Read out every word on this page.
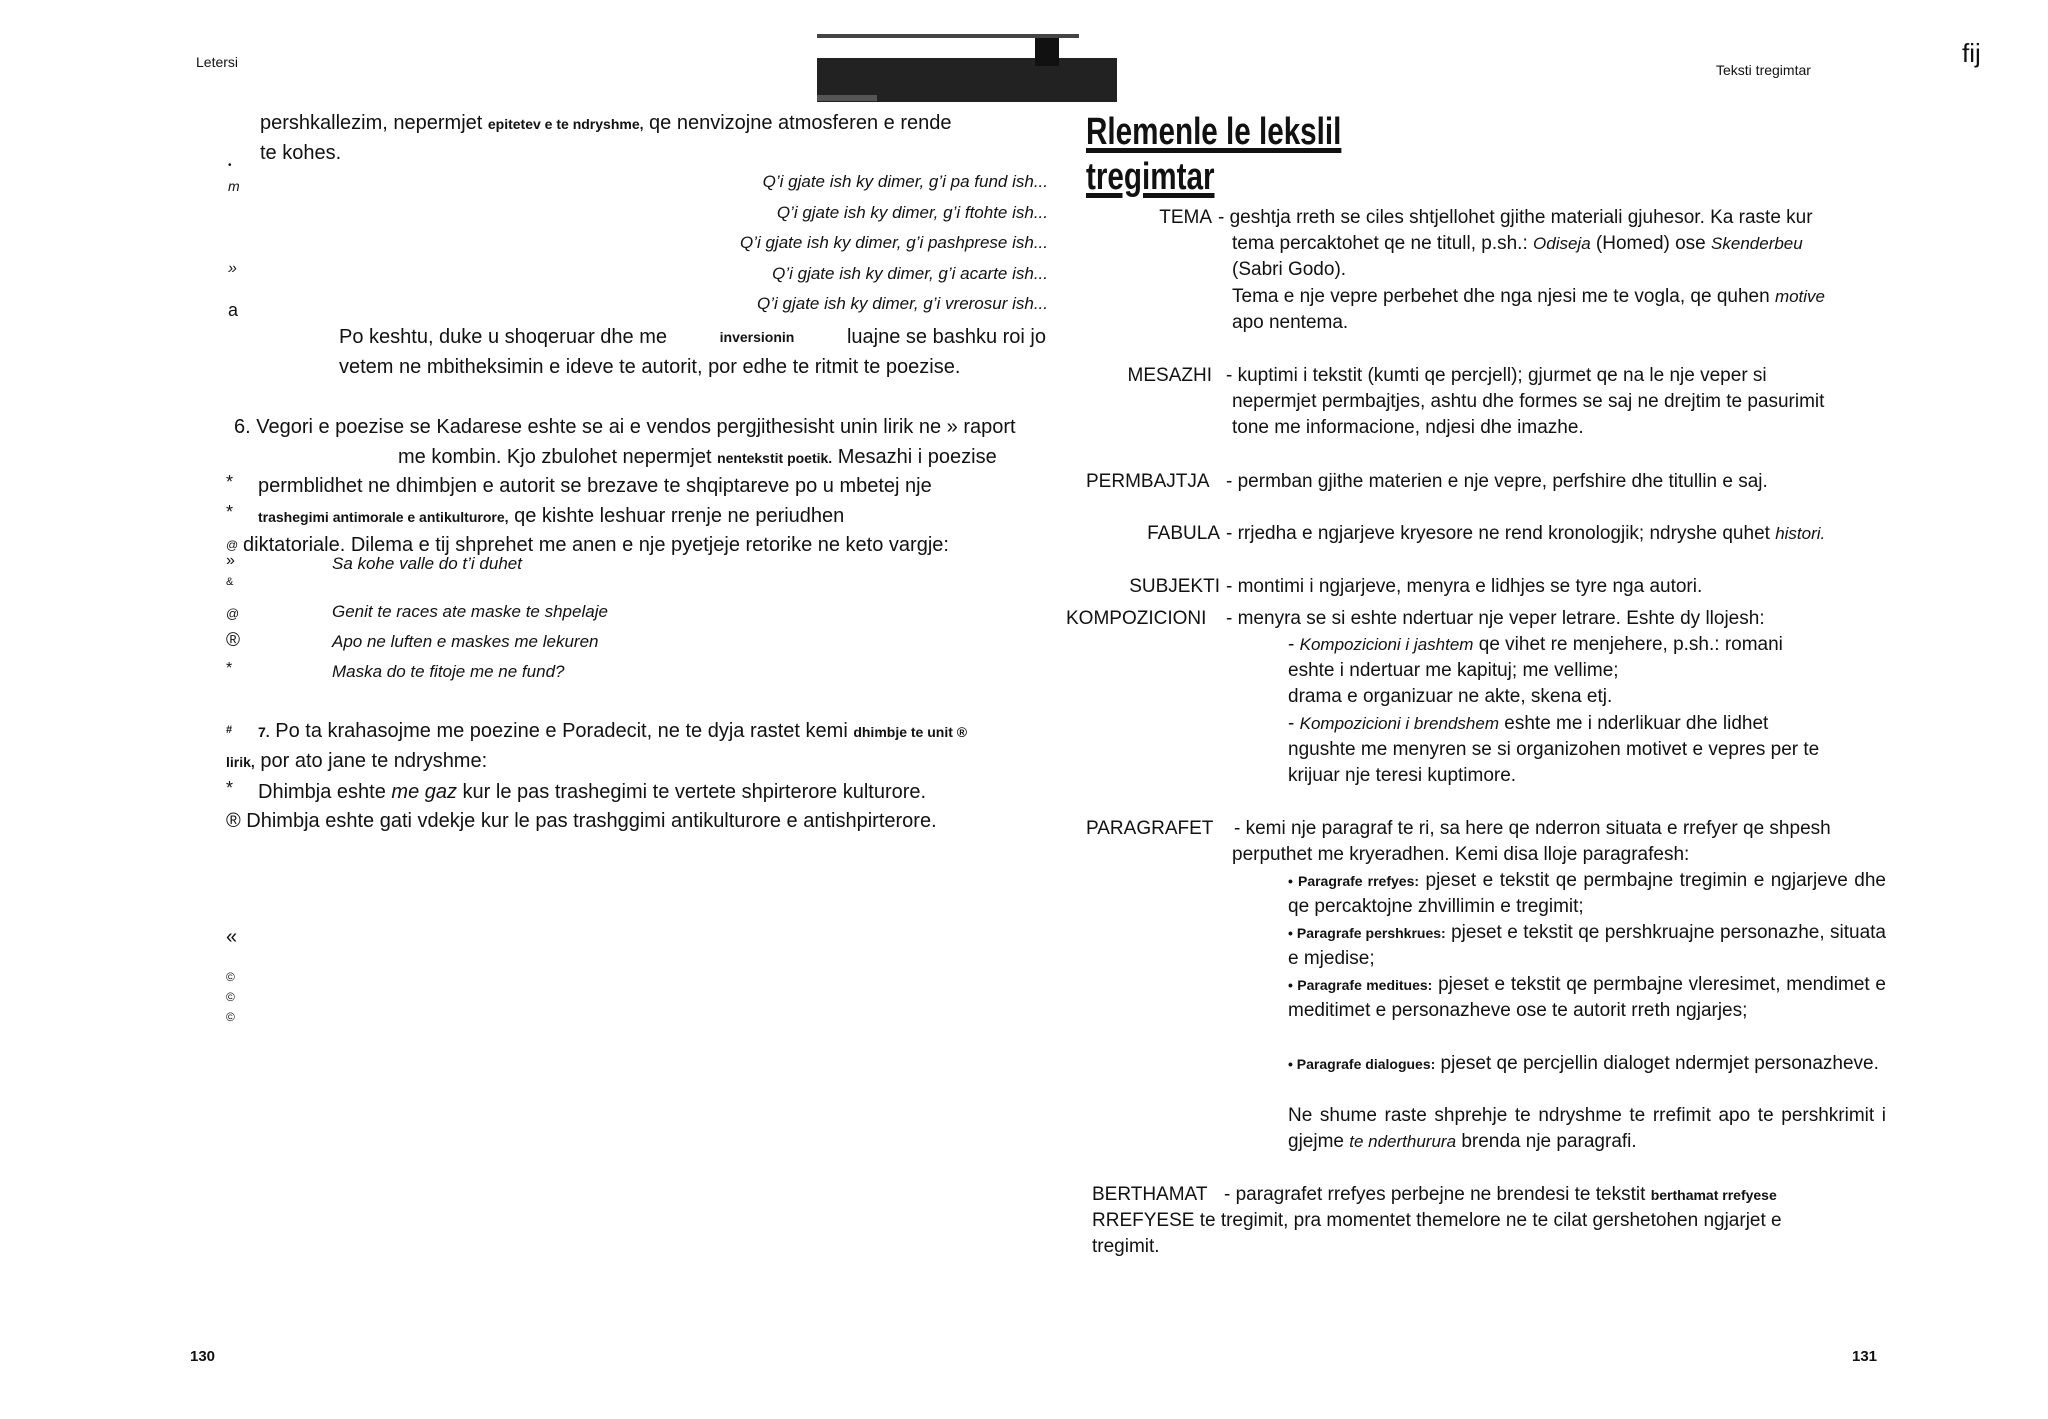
Letersi
pershkallezim, nepermjet epitetev e te ndryshme, qe nenvizojne atmosferen e rende
te kohes.
Q’i gjate ish ky dimer, g’i pa fund ish...
Q’i gjate ish ky dimer, g’i ftohte ish...
Q’i gjate ish ky dimer, g’i pashprese ish...
Q’i gjate ish ky dimer, g’i acarte ish...
Q’i gjate ish ky dimer, g’i vrerosur ish...
Po keshtu, duke u shoqeruar dhe me	inversionin	luajne se bashku roi jo
vetem ne mbitheksimin e ideve te autorit, por edhe te ritmit te poezise.
6. Vegori e poezise se Kadarese eshte se ai e vendos pergjithesisht unin lirik ne » raport
me kombin. Kjo zbulohet nepermjet nentekstit poetik. Mesazhi i poezise
permblidhet ne dhimbjen e autorit se brezave te shqiptareve po u mbetej nje
trashegimi antimorale e antikulturore, qe kishte leshuar rrenje ne periudhen
diktatoriale. Dilema e tij shprehet me anen e nje pyetjeje retorike ne keto vargje:
Sa kohe valle do t’i duhet
Genit te races ate maske te shpelaje
Apo ne luften e maskes me lekuren
Maska do te fitoje me ne fund?
7. Po ta krahasojme me poezine e Poradecit, ne te dyja rastet kemi dhimbje te unit ®
lirik, por ato jane te ndryshme:
Dhimbja eshte me gaz kur le pas trashegimi te vertete shpirterore kulturore.
® Dhimbja eshte gati vdekje kur le pas trashggimi antikulturore e antishpirterore.
•
m
»
a
*
*
@
»
&
@
®
*
#
*
«
©
©
©
130
Teksti tregimtar
fij
Rlemenle le lekslil
tregimtar
TEMA - geshtja rreth se ciles shtjellohet gjithe materiali gjuhesor. Ka raste kur
tema percaktohet qe ne titull, p.sh.: Odiseja (Homed) ose Skenderbeu
(Sabri Godo).
Tema e nje vepre perbehet dhe nga njesi me te vogla, qe quhen motive
apo nentema.
MESAZHI - kuptimi i tekstit (kumti qe percjell); gjurmet qe na le nje veper si
nepermjet permbajtjes, ashtu dhe formes se saj ne drejtim te pasurimit
tone me informacione, ndjesi dhe imazhe.
PERMBAJTJA - permban gjithe materien e nje vepre, perfshire dhe titullin e saj.
FABULA - rrjedha e ngjarjeve kryesore ne rend kronologjik; ndryshe quhet histori.
SUBJEKTI - montimi i ngjarjeve, menyra e lidhjes se tyre nga autori.
KOMPOZICIONI - menyra se si eshte ndertuar nje veper letrare. Eshte dy llojesh:
- Kompozicioni i jashtem qe vihet re menjehere, p.sh.: romani
eshte i ndertuar me kapituj; me vellime;
drama e organizuar ne akte, skena etj.
- Kompozicioni i brendshem eshte me i nderlikuar dhe lidhet
ngushte me menyren se si organizohen motivet e vepres per te
krijuar nje teresi kuptimore.
PARAGRAFET - kemi nje paragraf te ri, sa here qe nderron situata e rrefyer qe shpesh
perputhet me kryeradhen. Kemi disa lloje paragrafesh:
• Paragrafe rrefyes: pjeset e tekstit qe permbajne tregimin e ngjarjeve dhe qe percaktojne zhvillimin e tregimit;
• Paragrafe pershkrues: pjeset e tekstit qe pershkruajne personazhe, situata e mjedise;
• Paragrafe meditues: pjeset e tekstit qe permbajne vleresimet, mendimet e meditimet e personazheve ose te autorit rreth ngjarjes;
• Paragrafe dialogues: pjeset qe percjellin dialoget ndermjet personazheve.
Ne shume raste shprehje te ndryshme te rrefimit apo te pershkrimit i gjejme te nderthurura brenda nje paragrafi.
BERTHAMAT - paragrafet rrefyes perbejne ne brendesi te tekstit berthamat rrefyese
RREFYESE te tregimit, pra momentet themelore ne te cilat gershetohen ngjarjet e
tregimit.
131
